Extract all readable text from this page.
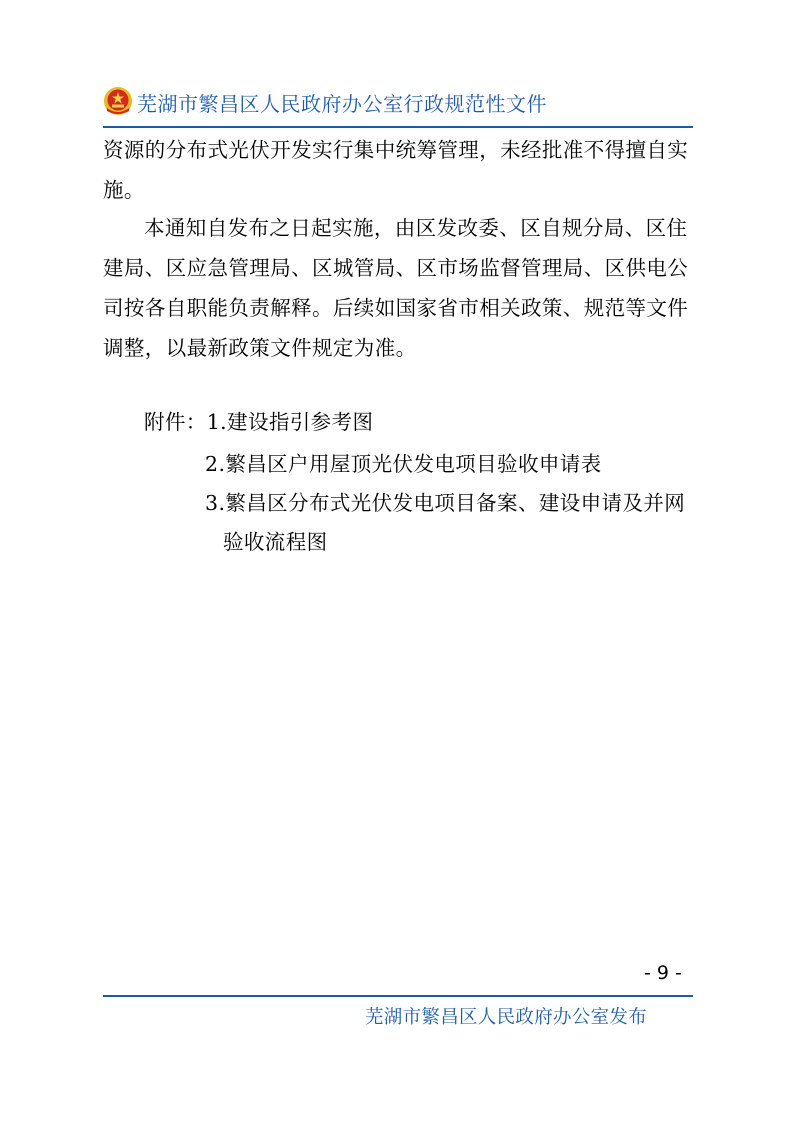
芜湖市繁昌区人民政府办公室行政规范性文件
资源的分布式光伏开发实行集中统筹管理，未经批准不得擅自实
施。
本通知自发布之日起实施，由区发改委、区自规分局、区住
建局、区应急管理局、区城管局、区市场监督管理局、区供电公
司按各自职能负责解释。后续如国家省市相关政策、规范等文件
调整，以最新政策文件规定为准。
附件：1.建设指引参考图
2.繁昌区户用屋顶光伏发电项目验收申请表
3.繁昌区分布式光伏发电项目备案、建设申请及并网
验收流程图
- 9 -
芜湖市繁昌区人民政府办公室发布
